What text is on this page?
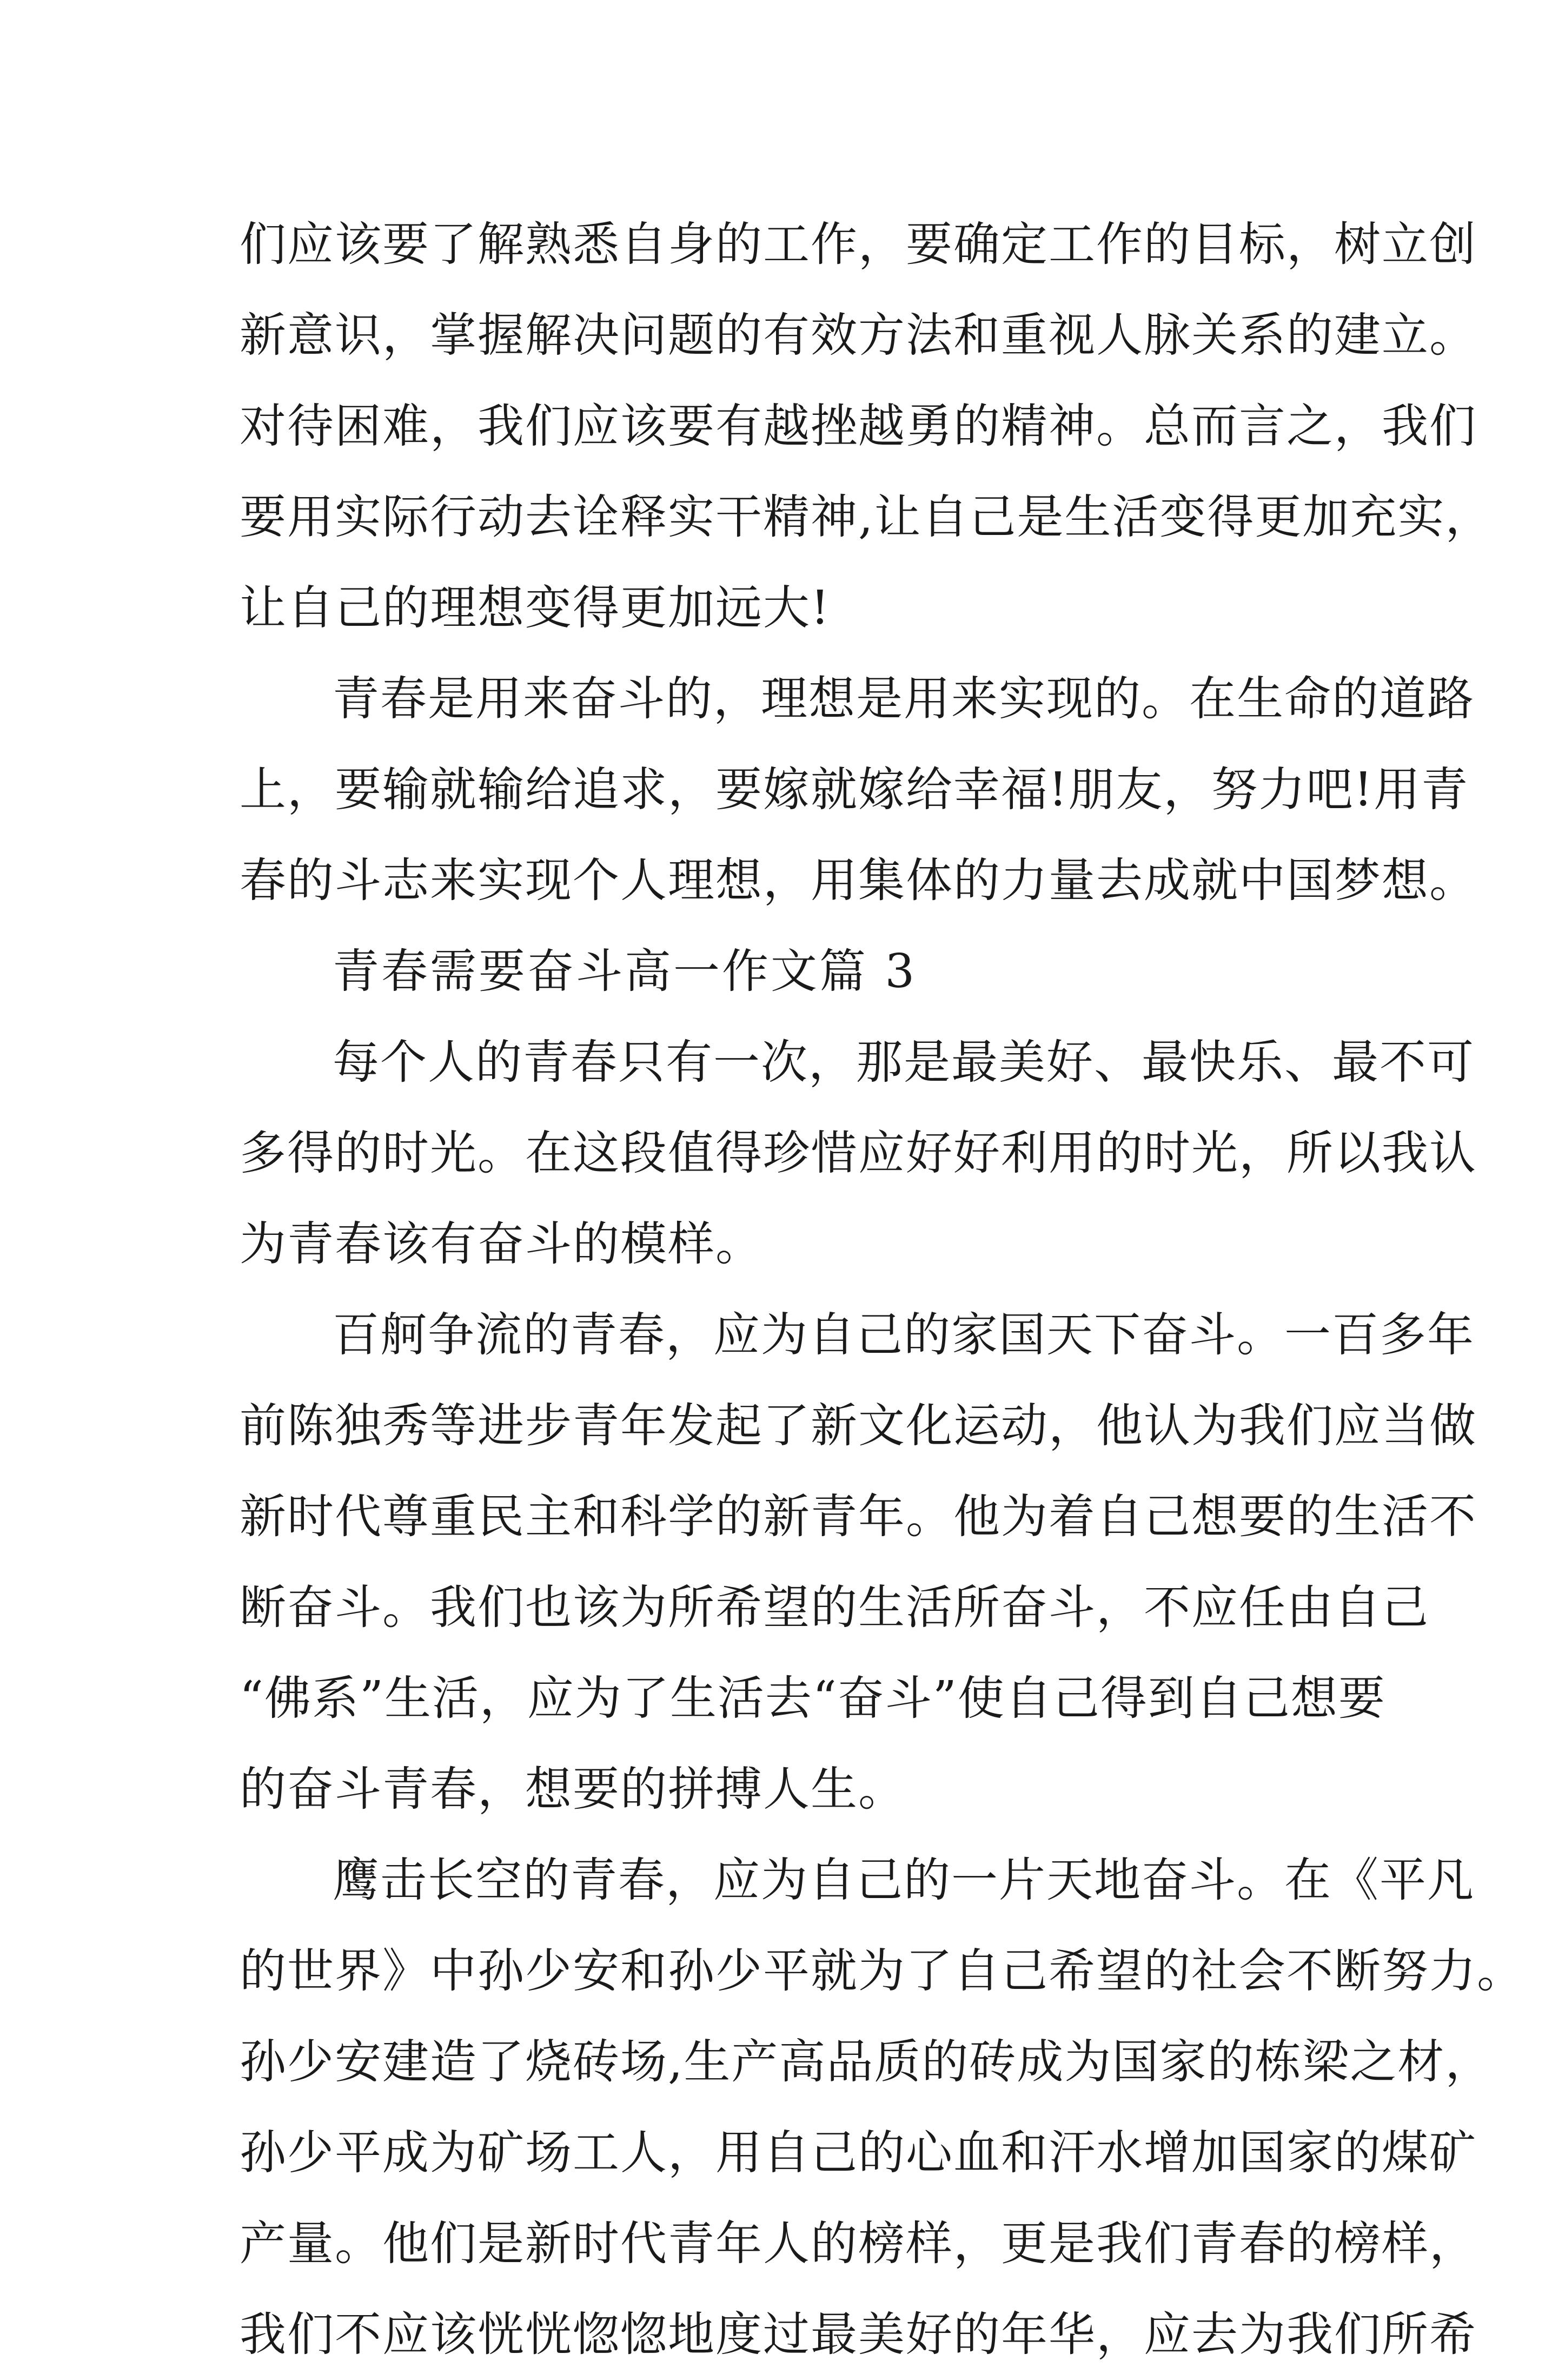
们应该要了解熟悉自身的工作，要确定工作的目标，树立创
新意识，掌握解决问题的有效方法和重视人脉关系的建立。
对待困难，我们应该要有越挫越勇的精神。总而言之，我们
要用实际行动去诠释实干精神,让自己是生活变得更加充实，
让自己的理想变得更加远大!
青春是用来奋斗的，理想是用来实现的。在生命的道路
上，要输就输给追求，要嫁就嫁给幸福!朋友，努力吧!用青
春的斗志来实现个人理想，用集体的力量去成就中国梦想。
青春需要奋斗高一作文篇 3
每个人的青春只有一次，那是最美好、最快乐、最不可
多得的时光。在这段值得珍惜应好好利用的时光，所以我认
为青春该有奋斗的模样。
百舸争流的青春，应为自己的家国天下奋斗。一百多年
前陈独秀等进步青年发起了新文化运动，他认为我们应当做
新时代尊重民主和科学的新青年。他为着自己想要的生活不
断奋斗。我们也该为所希望的生活所奋斗，不应任由自己
“佛系”生活，应为了生活去“奋斗”使自己得到自己想要
的奋斗青春，想要的拼搏人生。
鹰击长空的青春，应为自己的一片天地奋斗。在《平凡
的世界》中孙少安和孙少平就为了自己希望的社会不断努力。
孙少安建造了烧砖场,生产高品质的砖成为国家的栋梁之材，
孙少平成为矿场工人，用自己的心血和汗水增加国家的煤矿
产量。他们是新时代青年人的榜样，更是我们青春的榜样，
我们不应该恍恍惚惚地度过最美好的年华，应去为我们所希
